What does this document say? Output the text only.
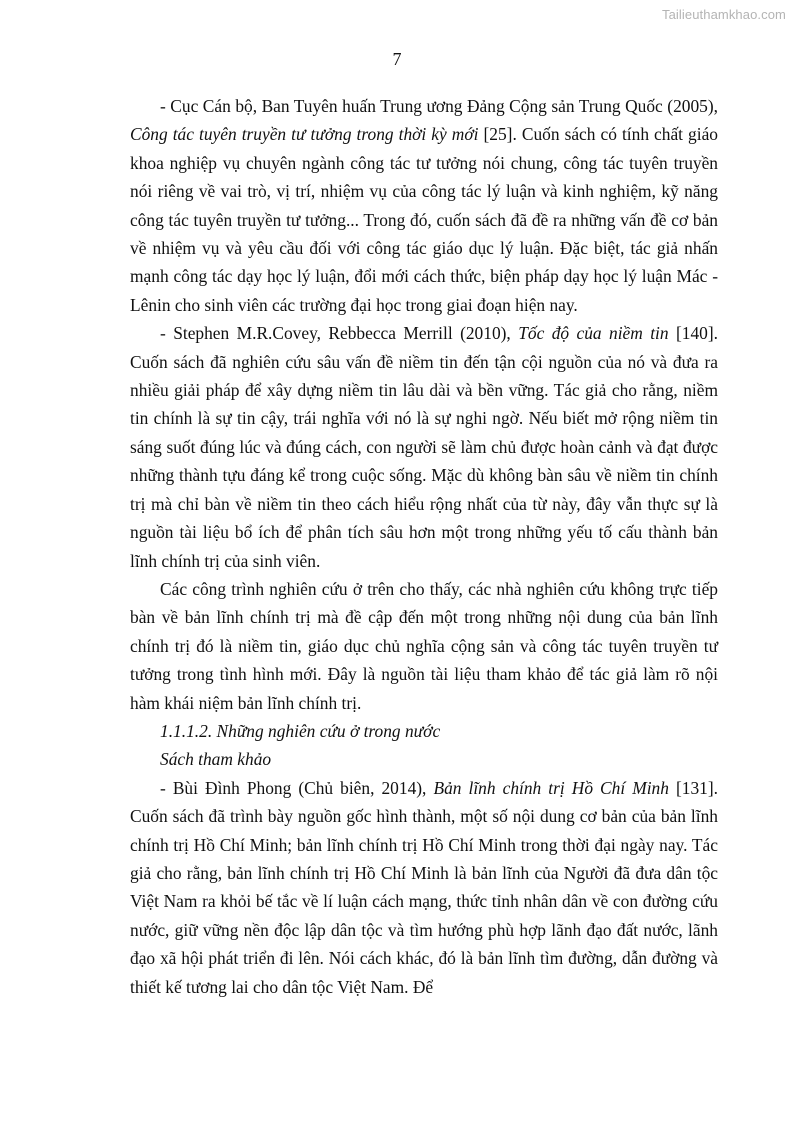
Tailieuthamkhao.com
7

- Cục Cán bộ, Ban Tuyên huấn Trung ương Đảng Cộng sản Trung Quốc (2005), Công tác tuyên truyền tư tưởng trong thời kỳ mới [25]. Cuốn sách có tính chất giáo khoa nghiệp vụ chuyên ngành công tác tư tưởng nói chung, công tác tuyên truyền nói riêng về vai trò, vị trí, nhiệm vụ của công tác lý luận và kinh nghiệm, kỹ năng công tác tuyên truyền tư tưởng... Trong đó, cuốn sách đã đề ra những vấn đề cơ bản về nhiệm vụ và yêu cầu đối với công tác giáo dục lý luận. Đặc biệt, tác giả nhấn mạnh công tác dạy học lý luận, đổi mới cách thức, biện pháp dạy học lý luận Mác - Lênin cho sinh viên các trường đại học trong giai đoạn hiện nay.

- Stephen M.R.Covey, Rebbecca Merrill (2010), Tốc độ của niềm tin [140]. Cuốn sách đã nghiên cứu sâu vấn đề niềm tin đến tận cội nguồn của nó và đưa ra nhiều giải pháp để xây dựng niềm tin lâu dài và bền vững. Tác giả cho rằng, niềm tin chính là sự tin cậy, trái nghĩa với nó là sự nghi ngờ. Nếu biết mở rộng niềm tin sáng suốt đúng lúc và đúng cách, con người sẽ làm chủ được hoàn cảnh và đạt được những thành tựu đáng kể trong cuộc sống. Mặc dù không bàn sâu về niềm tin chính trị mà chỉ bàn về niềm tin theo cách hiểu rộng nhất của từ này, đây vẫn thực sự là nguồn tài liệu bổ ích để phân tích sâu hơn một trong những yếu tố cấu thành bản lĩnh chính trị của sinh viên.

Các công trình nghiên cứu ở trên cho thấy, các nhà nghiên cứu không trực tiếp bàn về bản lĩnh chính trị mà đề cập đến một trong những nội dung của bản lĩnh chính trị đó là niềm tin, giáo dục chủ nghĩa cộng sản và công tác tuyên truyền tư tưởng trong tình hình mới. Đây là nguồn tài liệu tham khảo để tác giả làm rõ nội hàm khái niệm bản lĩnh chính trị.

1.1.1.2. Những nghiên cứu ở trong nước

Sách tham khảo

- Bùi Đình Phong (Chủ biên, 2014), Bản lĩnh chính trị Hồ Chí Minh [131]. Cuốn sách đã trình bày nguồn gốc hình thành, một số nội dung cơ bản của bản lĩnh chính trị Hồ Chí Minh; bản lĩnh chính trị Hồ Chí Minh trong thời đại ngày nay. Tác giả cho rằng, bản lĩnh chính trị Hồ Chí Minh là bản lĩnh của Người đã đưa dân tộc Việt Nam ra khỏi bế tắc về lí luận cách mạng, thức tỉnh nhân dân về con đường cứu nước, giữ vững nền độc lập dân tộc và tìm hướng phù hợp lãnh đạo đất nước, lãnh đạo xã hội phát triển đi lên. Nói cách khác, đó là bản lĩnh tìm đường, dẫn đường và thiết kế tương lai cho dân tộc Việt Nam. Để
